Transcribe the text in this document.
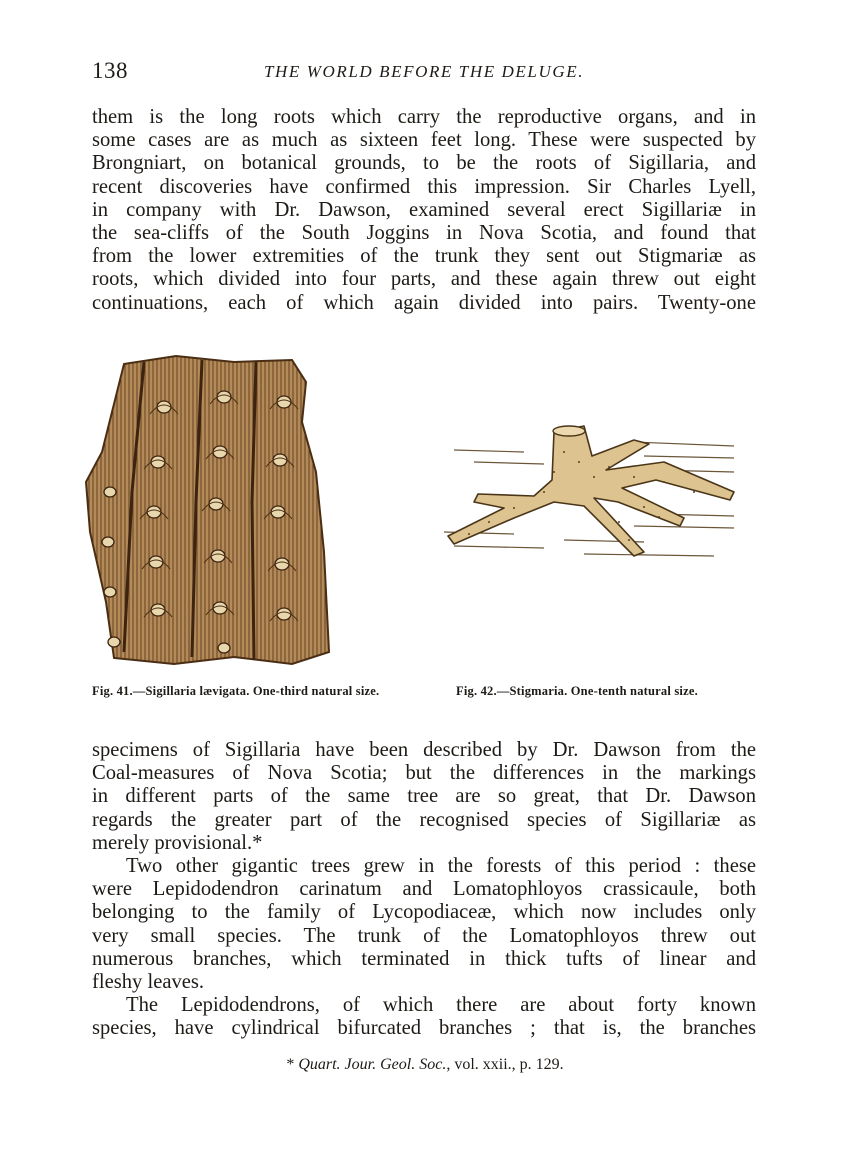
138	THE WORLD BEFORE THE DELUGE.
them is the long roots which carry the reproductive organs, and in
some cases are as much as sixteen feet long. These were suspected by
Brongniart, on botanical grounds, to be the roots of Sigillaria, and
recent discoveries have confirmed this impression. Sir Charles Lyell,
in company with Dr. Dawson, examined several erect Sigillariæ in
the sea-cliffs of the South Joggins in Nova Scotia, and found that
from the lower extremities of the trunk they sent out Stigmariæ as
roots, which divided into four parts, and these again threw out eight
continuations, each of which again divided into pairs. Twenty-one
Fig. 41.—Sigillaria lævigata. One-third natural size.	Fig. 42.—Stigmaria. One-tenth natural size.
specimens of Sigillaria have been described by Dr. Dawson from the
Coal-measures of Nova Scotia; but the differences in the markings
in different parts of the same tree are so great, that Dr. Dawson
regards the greater part of the recognised species of Sigillariæ as
merely provisional.*
Two other gigantic trees grew in the forests of this period : these
were Lepidodendron carinatum and Lomatophloyos crassicaule, both
belonging to the family of Lycopodiaceæ, which now includes only
very small species. The trunk of the Lomatophloyos threw out
numerous branches, which terminated in thick tufts of linear and
fleshy leaves.
The Lepidodendrons, of which there are about forty known
species, have cylindrical bifurcated branches ; that is, the branches
* Quart. Jour. Geol. Soc., vol. xxii., p. 129.
